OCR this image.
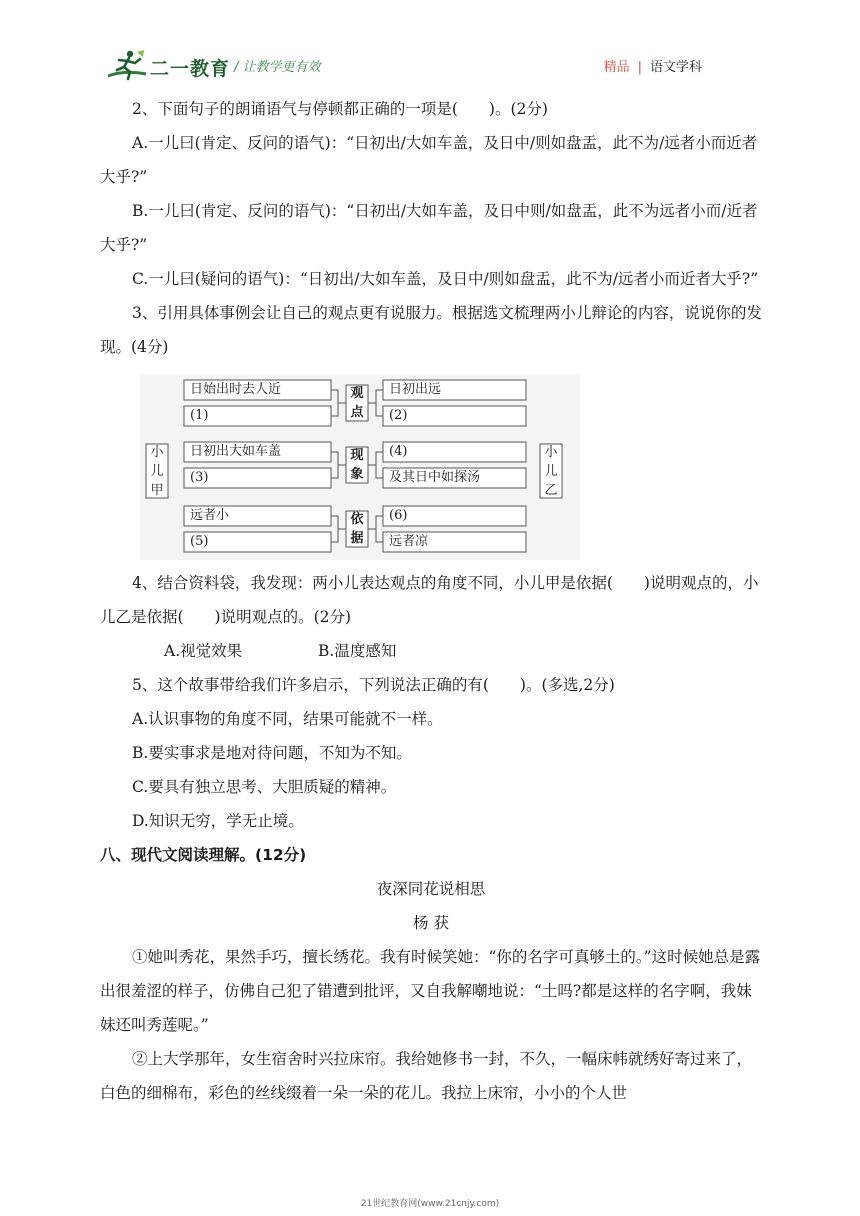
二一教育 / 让教学更有效	精品 | 语文学科

2、下面句子的朗诵语气与停顿都正确的一项是(　　)。(2分)

A.一儿曰(肯定、反问的语气)：“日初出/大如车盖，及日中/则如盘盂，此不为/远者小而近者大乎?”

B.一儿曰(肯定、反问的语气)：“日初出/大如车盖，及日中则/如盘盂，此不为远者小而/近者大乎?”

C.一儿曰(疑问的语气)：“日初出/大如车盖，及日中/则如盘盂，此不为/远者小而近者大乎?”

3、引用具体事例会让自己的观点更有说服力。根据选文梳理两小儿辩论的内容，说说你的发现。(4分)

小儿甲
小儿乙
观点
日始出时去人近
(1)
日初出远
(2)
现象
日初出大如车盖
(3)
(4)
及其日中如探汤
依据
远者小
(5)
(6)
远者凉

4、结合资料袋，我发现：两小儿表达观点的角度不同，小儿甲是依据(　　)说明观点的，小儿乙是依据(　　)说明观点的。(2分)

A.视觉效果	B.温度感知

5、这个故事带给我们许多启示，下列说法正确的有(　　)。(多选,2分)

A.认识事物的角度不同，结果可能就不一样。

B.要实事求是地对待问题，不知为不知。

C.要具有独立思考、大胆质疑的精神。

D.知识无穷，学无止境。

八、现代文阅读理解。(12分)

夜深同花说相思

杨 获

①她叫秀花，果然手巧，擅长绣花。我有时候笑她：“你的名字可真够土的。”这时候她总是露出很羞涩的样子，仿佛自己犯了错遭到批评，又自我解嘲地说：“土吗?都是这样的名字啊，我妹妹还叫秀莲呢。”

②上大学那年，女生宿舍时兴拉床帘。我给她修书一封，不久，一幅床帏就绣好寄过来了，白色的细棉布，彩色的丝线缀着一朵一朵的花儿。我拉上床帘，小小的个人世

21世纪教育网(www.21cnjy.com)
